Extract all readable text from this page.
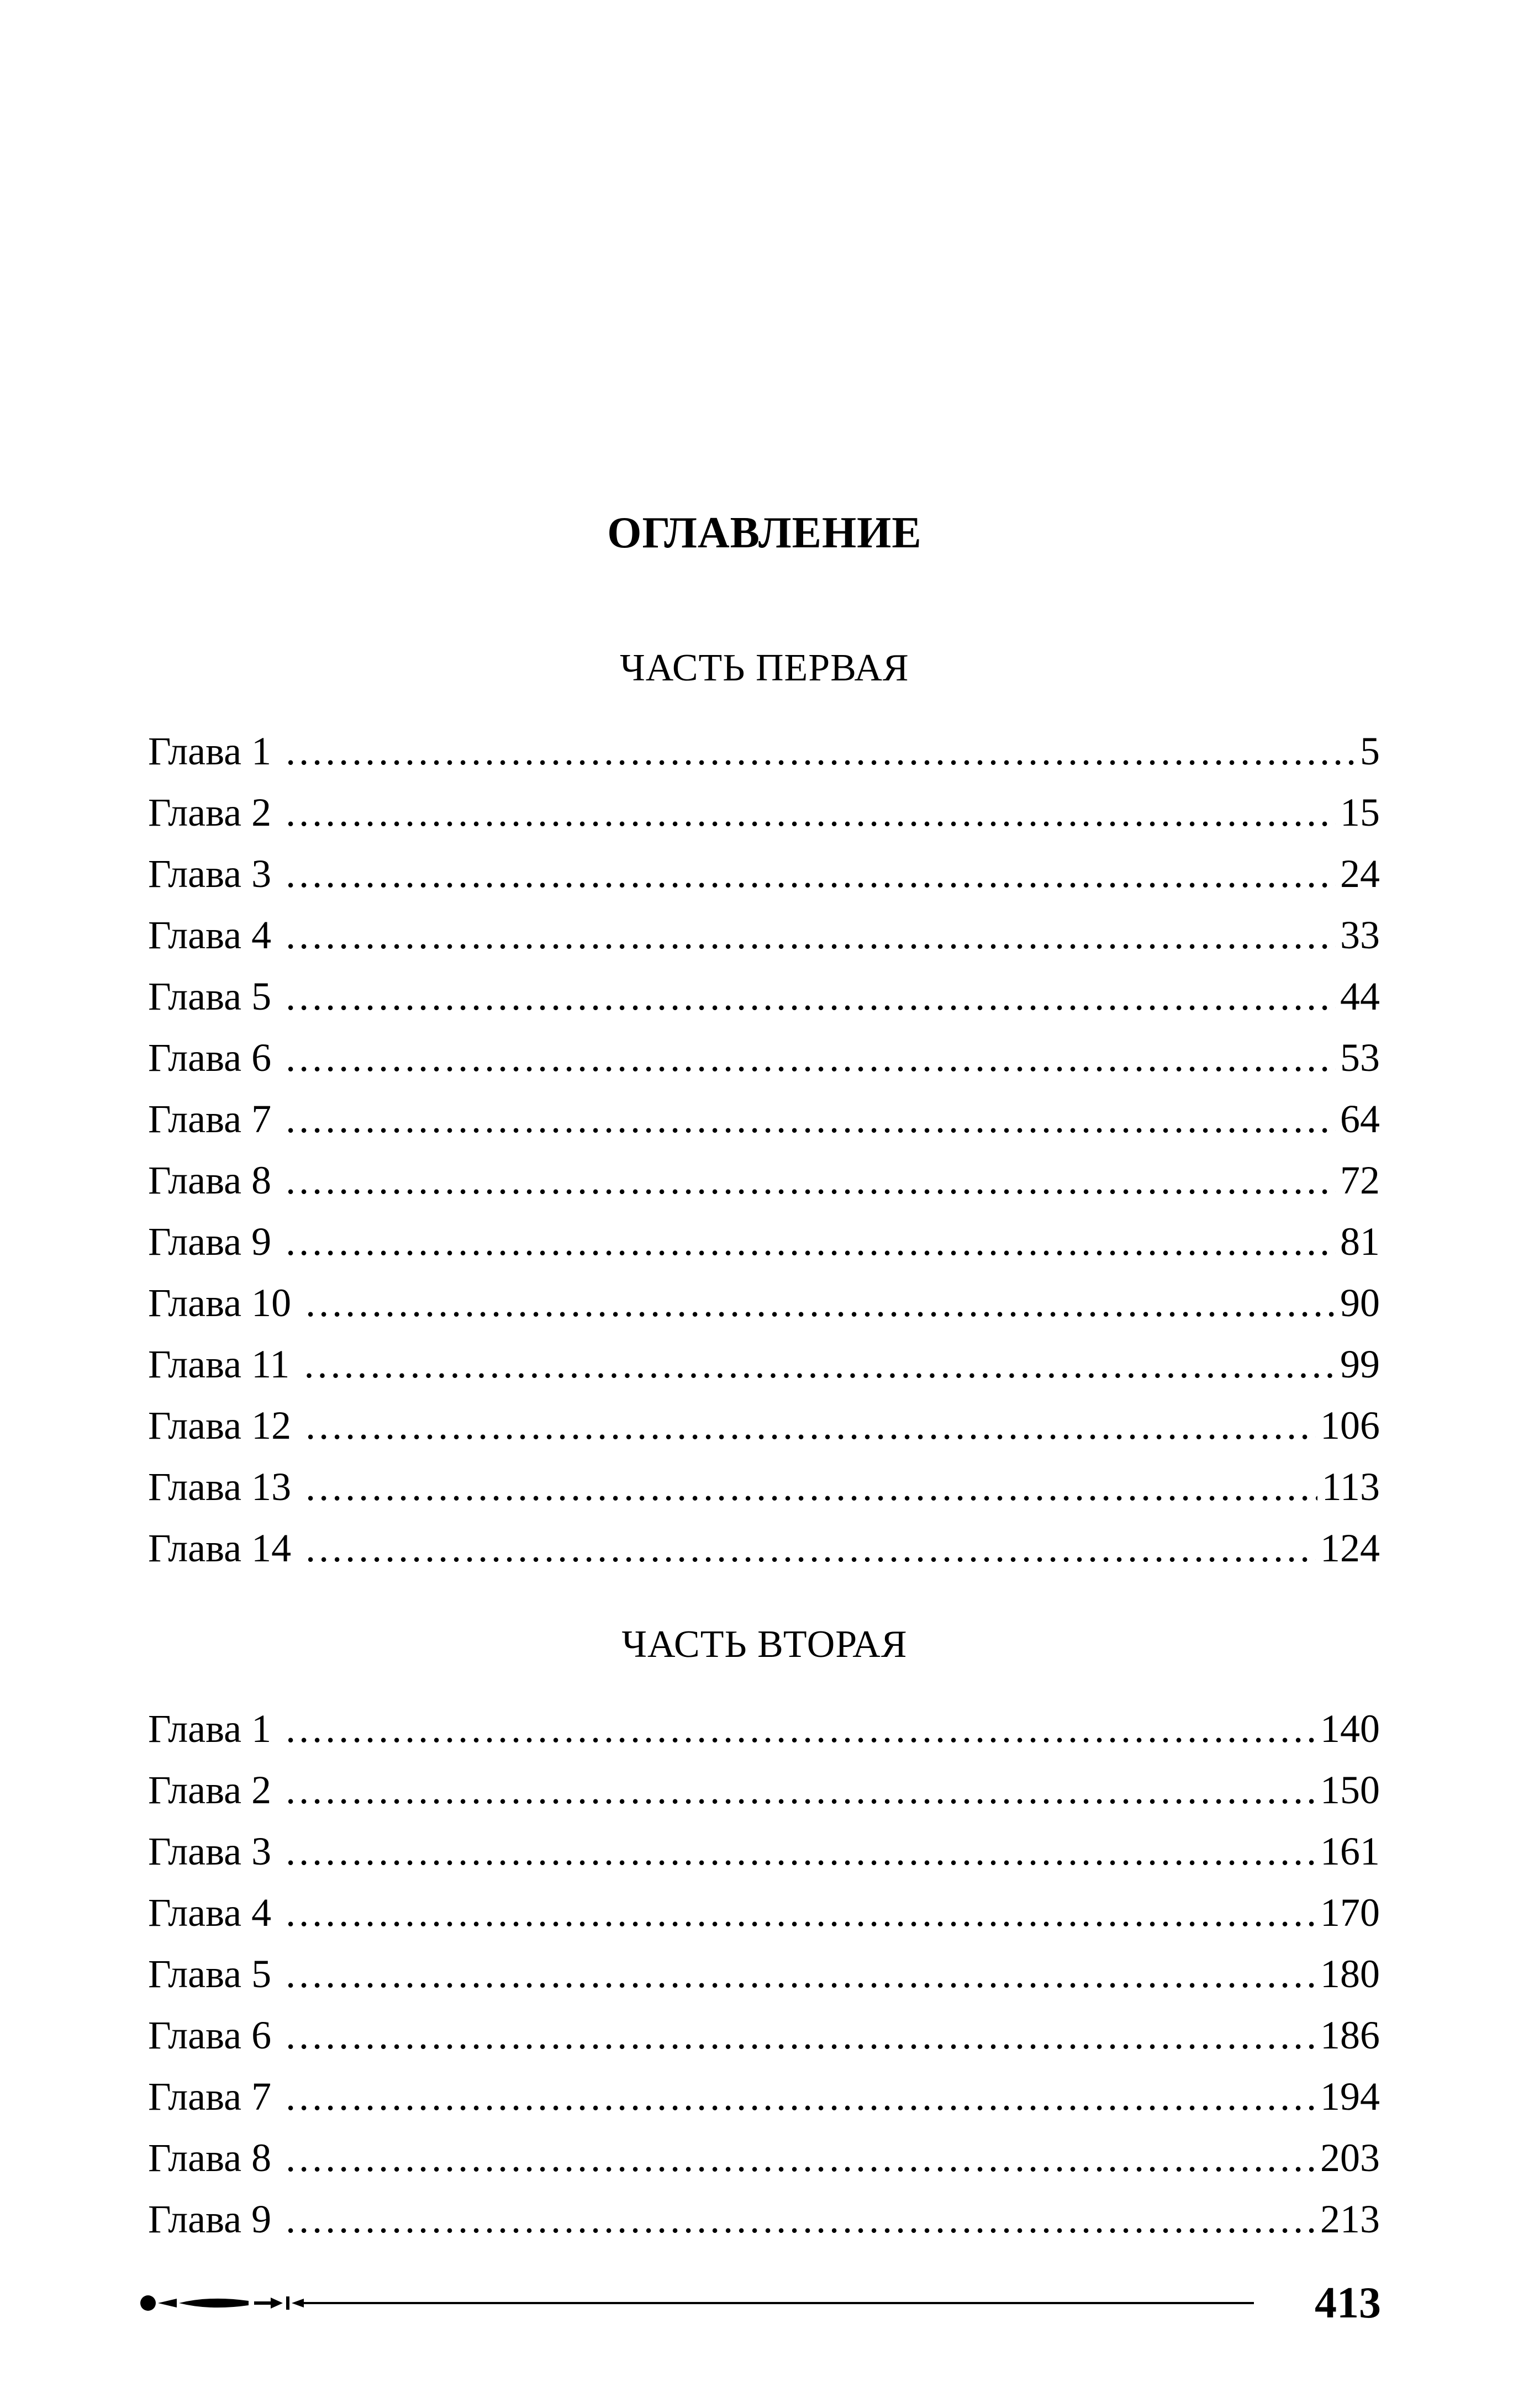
ОГЛАВЛЕНИЕ
ЧАСТЬ ПЕРВАЯ
Глава 1 . . .	5
Глава 2 . . .	15
Глава 3 . . .	24
Глава 4 . . .	33
Глава 5 . . .	44
Глава 6 . . .	53
Глава 7 . . .	64
Глава 8 . . .	72
Глава 9 . . .	81
Глава 10 . . .	90
Глава 11 . . .	99
Глава 12 . . .	106
Глава 13 . . .	113
Глава 14 . . .	124
ЧАСТЬ ВТОРАЯ
Глава 1 . . .	140
Глава 2 . . .	150
Глава 3 . . .	161
Глава 4 . . .	170
Глава 5 . . .	180
Глава 6 . . .	186
Глава 7 . . .	194
Глава 8 . . .	203
Глава 9 . . .	213
413
